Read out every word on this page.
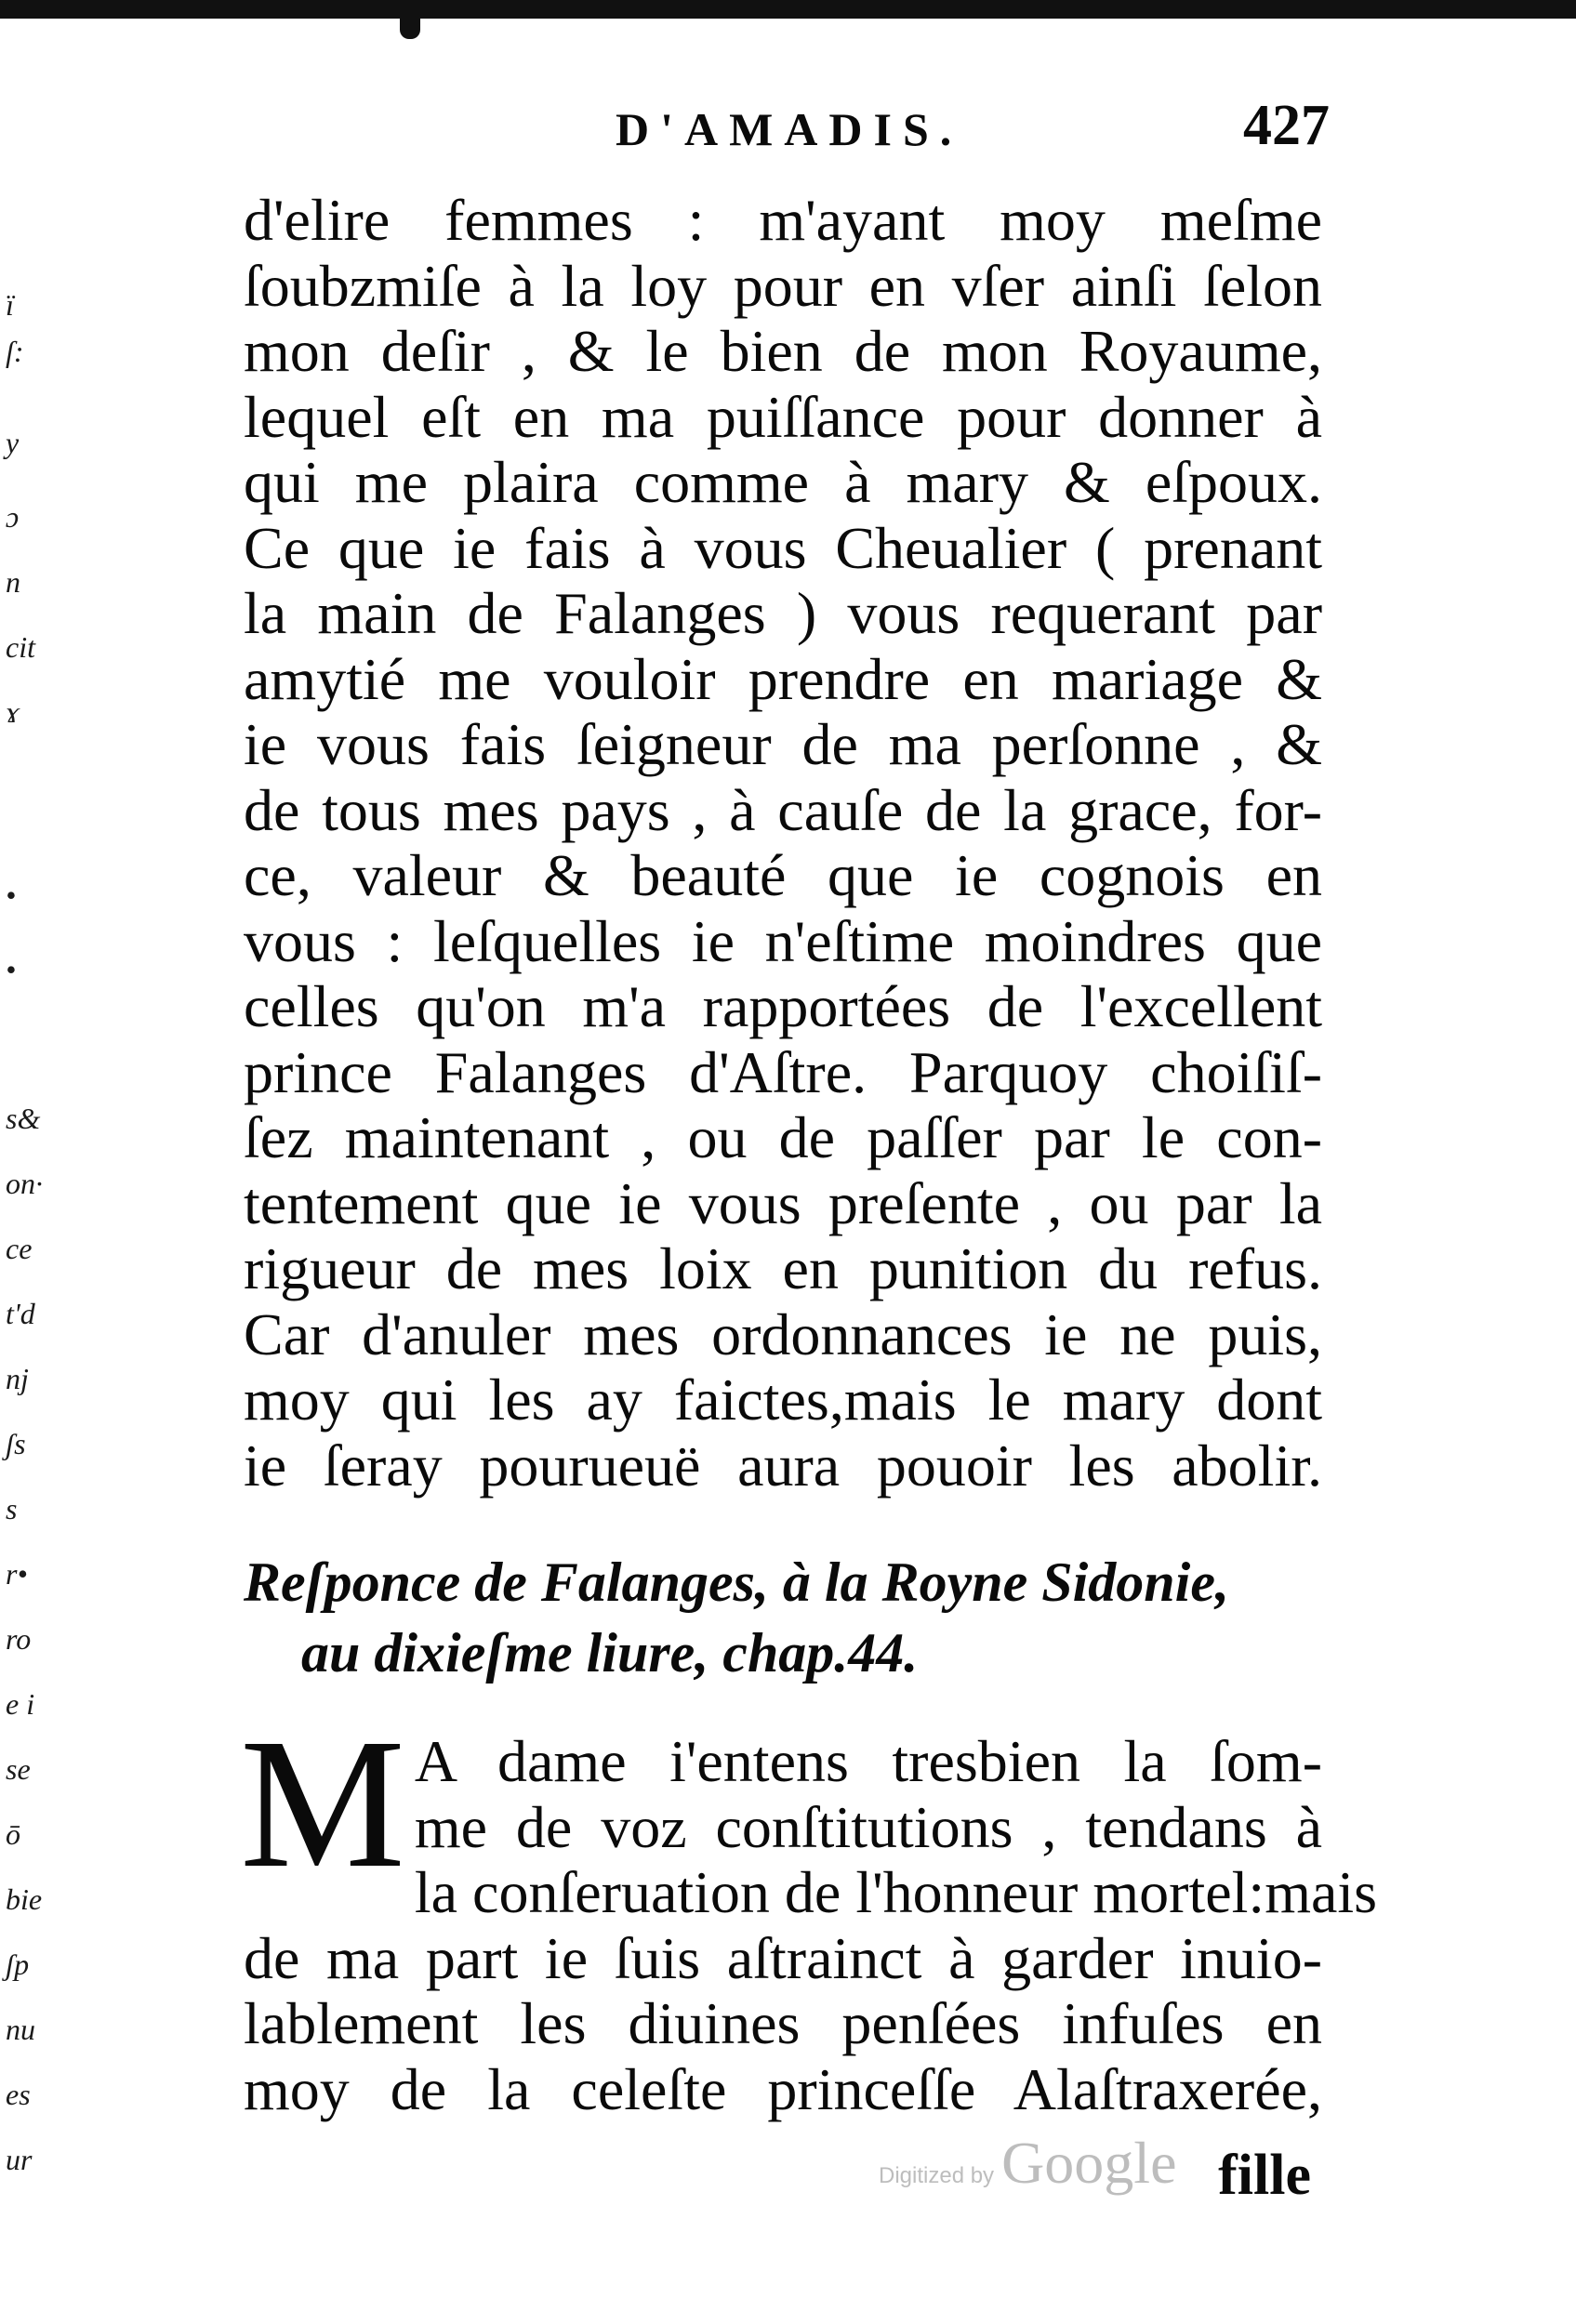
ï
ſ:
y
ɔ
n
cit
ɤ
•
•
s&
on·
ce
t'd
nj
ʃs
s
r•
ro
e i
se
ō
bie
ʃp
nu
es
ur
D'AMADIS.	427
d'elire femmes : m'ayant moy meſme
ſoubzmiſe à la loy pour en vſer ainſi ſelon
mon deſir , & le bien de mon Royaume,
lequel eſt en ma puiſſance pour donner à
qui me plaira comme à mary & eſpoux.
Ce que ie fais à vous Cheualier ( prenant
la main de Falanges ) vous requerant par
amytié me vouloir prendre en mariage &
ie vous fais ſeigneur de ma perſonne , &
de tous mes pays , à cauſe de la grace, for-
ce, valeur & beauté que ie cognois en
vous : leſquelles ie n'eſtime moindres que
celles qu'on m'a rapportées de l'excellent
prince Falanges d'Aſtre. Parquoy choiſiſ-
ſez maintenant , ou de paſſer par le con-
tentement que ie vous preſente , ou par la
rigueur de mes loix en punition du refus.
Car d'anuler mes ordonnances ie ne puis,
moy qui les ay faictes,mais le mary dont
ie ſeray pourueuë aura pouoir les abolir.
Reſponce de Falanges, à la Royne Sidonie,
au dixieſme liure, chap.44.
M A dame i'entens tresbien la ſom-
me de voz conſtitutions , tendans à
la conſeruation de l'honneur mortel:mais
de ma part ie ſuis aſtrainct à garder inuio-
lablement les diuines penſées infuſes en
moy de la celeſte princeſſe Alaſtraxerée,
fille
Digitized by Google
